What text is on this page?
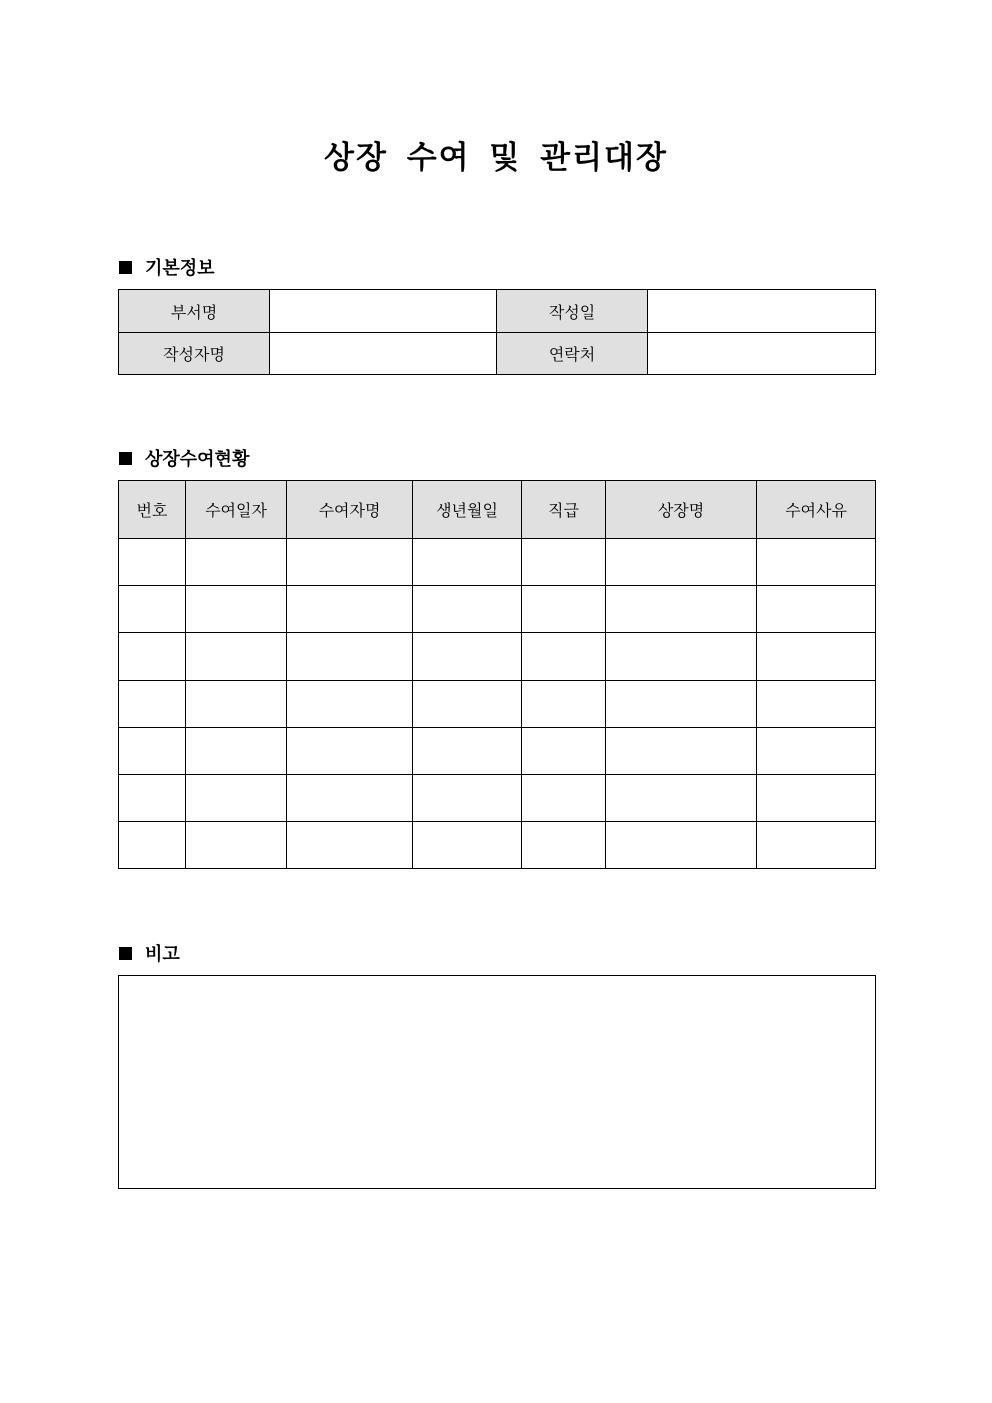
상장 수여 및 관리대장
기본정보
부서명		작성일	
작성자명		연락처	
상장수여현황
번호	수여일자	수여자명	생년월일	직급	상장명	수여사유

비고
